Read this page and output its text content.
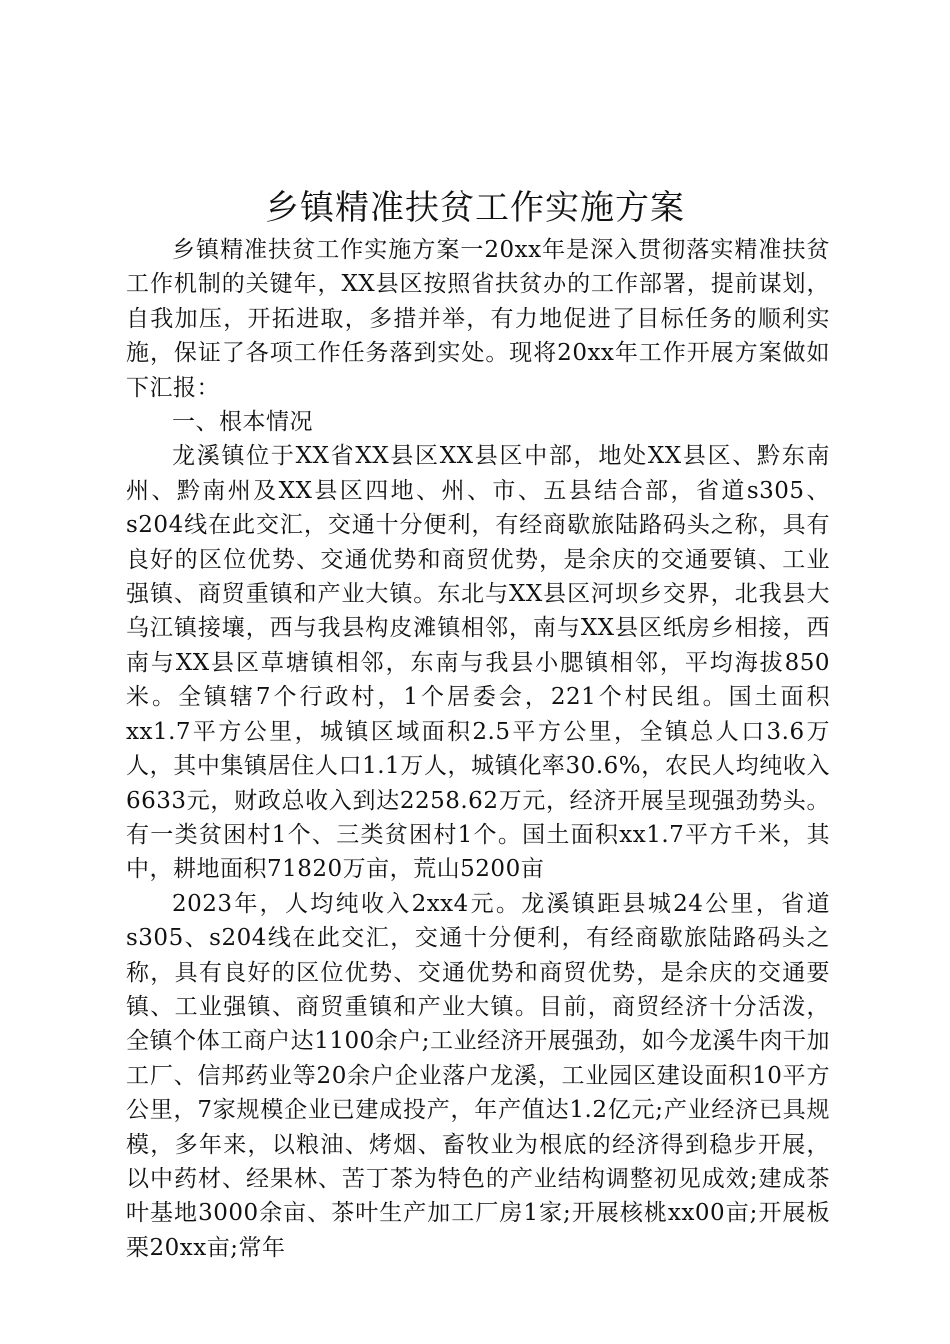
乡镇精准扶贫工作实施方案

乡镇精准扶贫工作实施方案一20xx年是深入贯彻落实精准扶贫工作机制的关键年，XX县区按照省扶贫办的工作部署，提前谋划，自我加压，开拓进取，多措并举，有力地促进了目标任务的顺利实施，保证了各项工作任务落到实处。现将20xx年工作开展方案做如下汇报：

一、根本情况

龙溪镇位于XX省XX县区XX县区中部，地处XX县区、黔东南州、黔南州及XX县区四地、州、市、五县结合部，省道s305、s204线在此交汇，交通十分便利，有经商歇旅陆路码头之称，具有良好的区位优势、交通优势和商贸优势，是余庆的交通要镇、工业强镇、商贸重镇和产业大镇。东北与XX县区河坝乡交界，北我县大乌江镇接壤，西与我县构皮滩镇相邻，南与XX县区纸房乡相接，西南与XX县区草塘镇相邻，东南与我县小腮镇相邻，平均海拔850米。全镇辖7个行政村，1个居委会，221个村民组。国土面积xx1.7平方公里，城镇区域面积2.5平方公里，全镇总人口3.6万人，其中集镇居住人口1.1万人，城镇化率30.6%，农民人均纯收入6633元，财政总收入到达2258.62万元，经济开展呈现强劲势头。有一类贫困村1个、三类贫困村1个。国土面积xx1.7平方千米，其中，耕地面积71820万亩，荒山5200亩

2023年，人均纯收入2xx4元。龙溪镇距县城24公里，省道s305、s204线在此交汇，交通十分便利，有经商歇旅陆路码头之称，具有良好的区位优势、交通优势和商贸优势，是余庆的交通要镇、工业强镇、商贸重镇和产业大镇。目前，商贸经济十分活泼，全镇个体工商户达1100余户;工业经济开展强劲，如今龙溪牛肉干加工厂、信邦药业等20余户企业落户龙溪，工业园区建设面积10平方公里，7家规模企业已建成投产，年产值达1.2亿元;产业经济已具规模，多年来，以粮油、烤烟、畜牧业为根底的经济得到稳步开展，以中药材、经果林、苦丁茶为特色的产业结构调整初见成效;建成茶叶基地3000余亩、茶叶生产加工厂房1家;开展核桃xx00亩;开展板栗20xx亩;常年
